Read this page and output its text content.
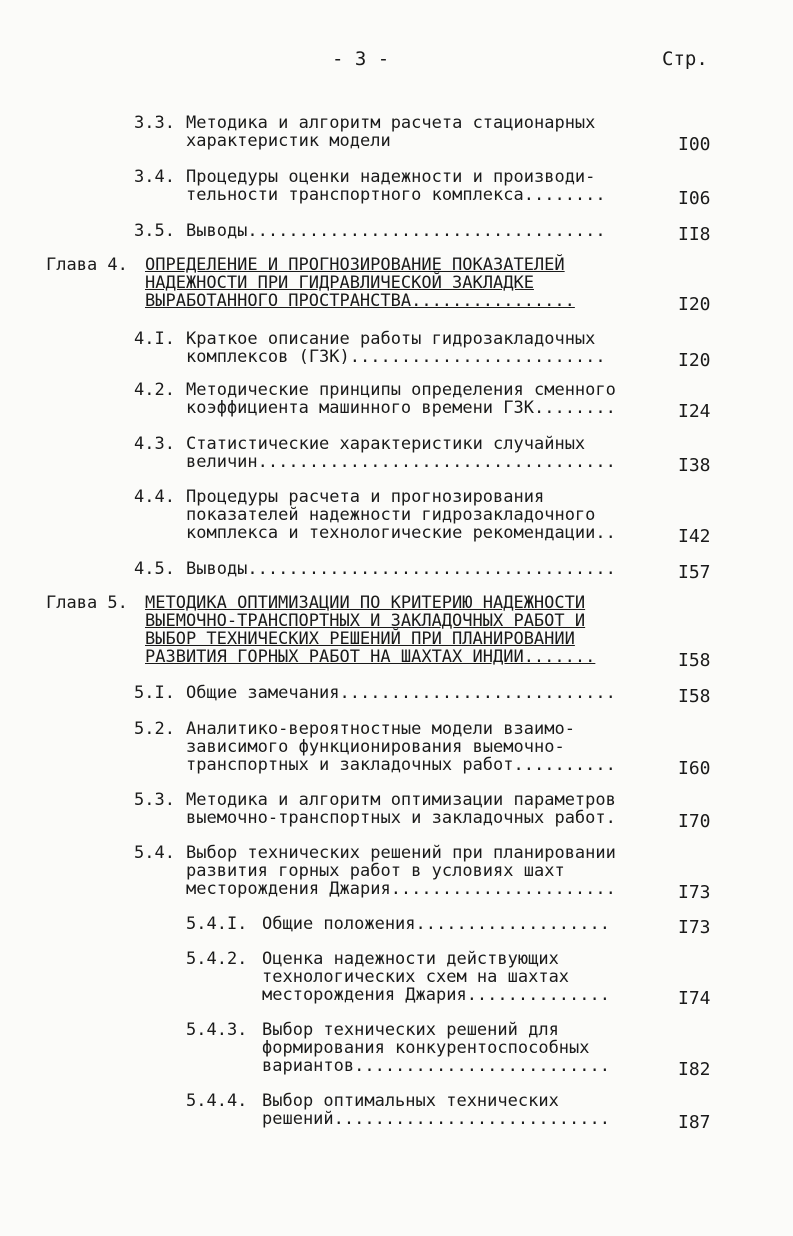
- 3 -	Стр.
3.3. Методика и алгоритм расчета стационарных
характеристик модели	I00
3.4. Процедуры оценки надежности и производи-
тельности транспортного комплекса........	I06
3.5. Выводы...................................	II8
Глава 4. ОПРЕДЕЛЕНИЕ И ПРОГНОЗИРОВАНИЕ ПОКАЗАТЕЛЕЙ
НАДЕЖНОСТИ ПРИ ГИДРАВЛИЧЕСКОЙ ЗАКЛАДКЕ
ВЫРАБОТАННОГО ПРОСТРАНСТВА................	I20
4.I. Краткое описание работы гидрозакладочных
комплексов (ГЗК).........................	I20
4.2. Методические принципы определения сменного
коэффициента машинного времени ГЗК........	I24
4.3. Статистические характеристики случайных
величин...................................	I38
4.4. Процедуры расчета и прогнозирования
показателей надежности гидрозакладочного
комплекса и технологические рекомендации..	I42
4.5. Выводы....................................	I57
Глава 5. МЕТОДИКА ОПТИМИЗАЦИИ ПО КРИТЕРИЮ НАДЕЖНОСТИ
ВЫЕМОЧНО-ТРАНСПОРТНЫХ И ЗАКЛАДОЧНЫХ РАБОТ И
ВЫБОР ТЕХНИЧЕСКИХ РЕШЕНИЙ ПРИ ПЛАНИРОВАНИИ
РАЗВИТИЯ ГОРНЫХ РАБОТ НА ШАХТАХ ИНДИИ.......	I58
5.I. Общие замечания...........................	I58
5.2. Аналитико-вероятностные модели взаимо-
зависимого функционирования выемочно-
транспортных и закладочных работ..........	I60
5.3. Методика и алгоритм оптимизации параметров
выемочно-транспортных и закладочных работ.	I70
5.4. Выбор технических решений при планировании
развития горных работ в условиях шахт
месторождения Джария......................	I73
5.4.I. Общие положения...................	I73
5.4.2. Оценка надежности действующих
технологических схем на шахтах
месторождения Джария..............	I74
5.4.3. Выбор технических решений для
формирования конкурентоспособных
вариантов.........................	I82
5.4.4. Выбор оптимальных технических
решений...........................	I87
